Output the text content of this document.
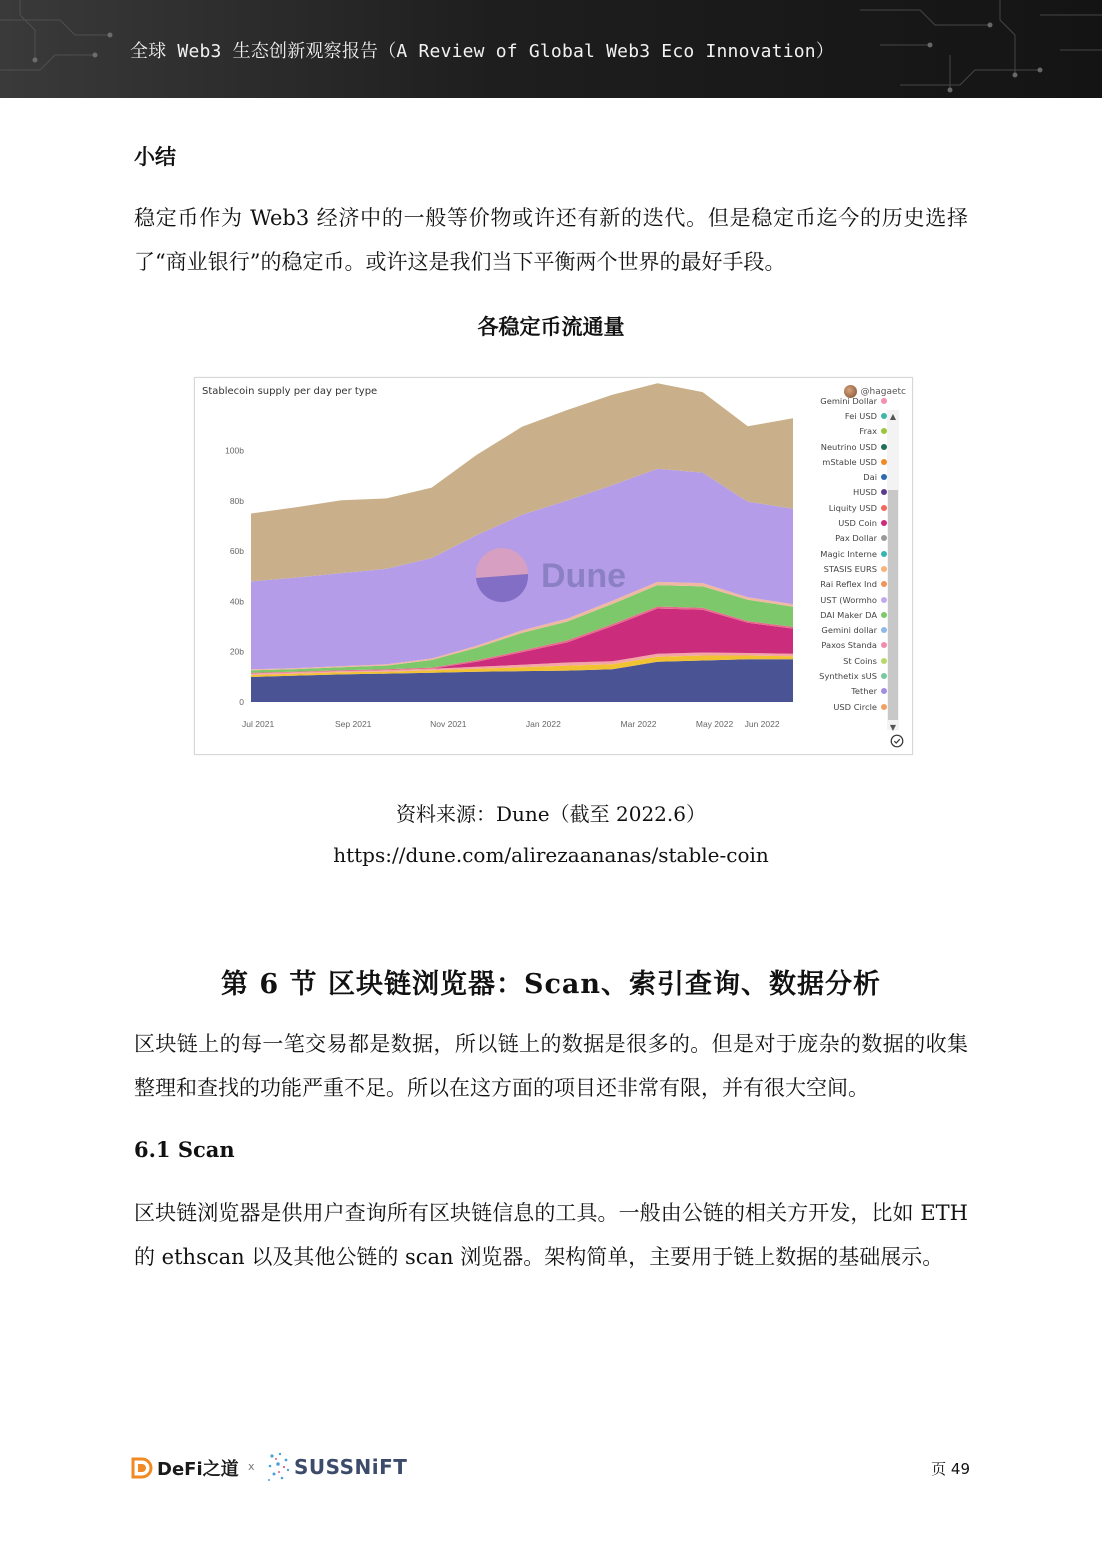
全球 Web3 生态创新观察报告（A Review of Global Web3 Eco Innovation）
小结
稳定币作为 Web3 经济中的一般等价物或许还有新的迭代。但是稳定币迄今的历史选择了“商业银行”的稳定币。或许这是我们当下平衡两个世界的最好手段。
各稳定币流通量
Dune
0
20b
40b
60b
80b
100b
Jul 2021	Sep 2021	Nov 2021	Jan 2022	Mar 2022	May 2022 Jun 2022
Stablecoin supply per day per type	@hagaetc
Gemini Dollar
Fei USD
Frax
Neutrino USD
mStable USD
Dai
HUSD
Liquity USD
USD Coin
Pax Dollar
Magic Interne
STASIS EURS
Rai Reflex Ind
UST (Wormho
DAI Maker DA
Gemini dollar
Paxos Standa
St Coins
Synthetix sUS
Tether
USD Circle
▲
▼
资料来源：Dune（截至 2022.6）
https://dune.com/alirezaananas/stable-coin
第 6 节 区块链浏览器：Scan、索引查询、数据分析
区块链上的每一笔交易都是数据，所以链上的数据是很多的。但是对于庞杂的数据的收集整理和查找的功能严重不足。所以在这方面的项目还非常有限，并有很大空间。
6.1 Scan
区块链浏览器是供用户查询所有区块链信息的工具。一般由公链的相关方开发，比如 ETH 的 ethscan 以及其他公链的 scan 浏览器。架构简单，主要用于链上数据的基础展示。
DeFi之道 x SUSSNiFT	页 49
